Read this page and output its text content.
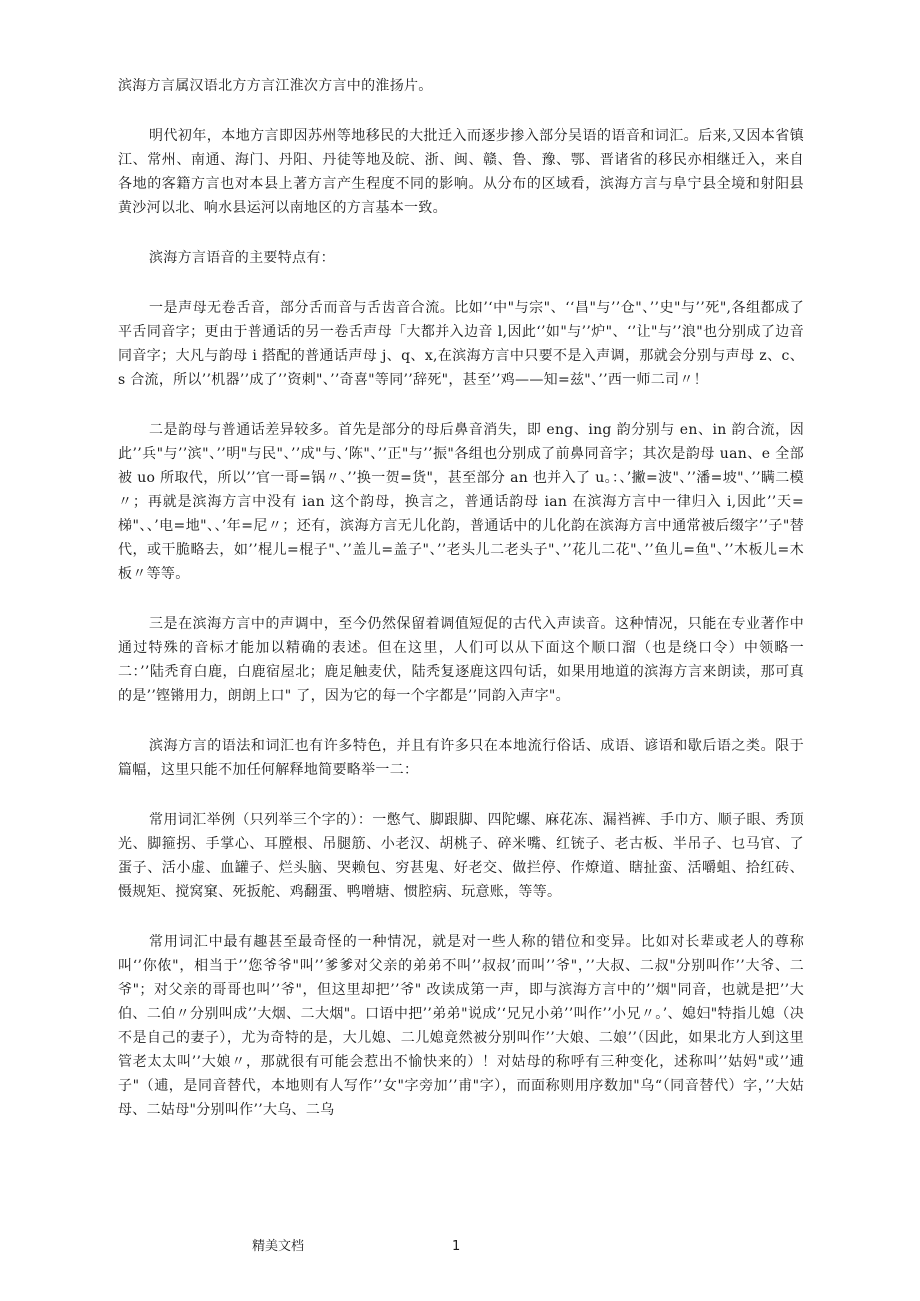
滨海方言属汉语北方方言江淮次方言中的淮扬片。

明代初年，本地方言即因苏州等地移民的大批迁入而逐步掺入部分吴语的语音和词汇。后来,又因本省镇江、常州、南通、海门、丹阳、丹徒等地及皖、浙、闽、赣、鲁、豫、鄂、晋诸省的移民亦相继迁入，来自各地的客籍方言也对本县上著方言产生程度不同的影响。从分布的区域看，滨海方言与阜宁县全境和射阳县黄沙河以北、响水县运河以南地区的方言基本一致。

滨海方言语音的主要特点有：

一是声母无卷舌音，部分舌而音与舌齿音合流。比如’‘中"与宗"、‘‘昌"与’’仓"、’’史"与’’死",各组都成了平舌同音字；更由于普通话的另一卷舌声母「大都并入边音 l,因此‘’如"与’’炉"、‘’让"与’’浪"也分别成了边音同音字；大凡与韵母 i 搭配的普通话声母 j、q、x,在滨海方言中只要不是入声调，那就会分别与声母 z、c、s 合流，所以’’机器’’成了’’资刺"、’’奇喜"等同’’辞死"，甚至’’鸡——知=兹"、’’西一师二司〃！

二是韵母与普通话差异较多。首先是部分的母后鼻音消失，即 eng、ing 韵分别与 en、in 韵合流，因此’’兵"与’’滨"、’’明"与民"、’’成"与、’陈"、’’正"与’’振"各组也分别成了前鼻同音字；其次是韵母 uan、e 全部被 uo 所取代，所以’’官一哥=锅〃、’’换一贺=货"，甚至部分 an 也并入了 u。：、’撇=波"、’’潘=坡"、’’瞒二模〃；再就是滨海方言中没有 ian 这个韵母，换言之，普通话韵母 ian 在滨海方言中一律归入 i,因此’’天=梯"、、’电=地"、、’年=尼〃；还有，滨海方言无儿化韵，普通话中的儿化韵在滨海方言中通常被后缀字’’子"替代，或干脆略去，如’’棍儿=棍子"、’’盖儿=盖子"、’’老头儿二老头子"、’’花儿二花"、’’鱼儿=鱼"、’’木板儿=木板〃等等。

三是在滨海方言中的声调中，至今仍然保留着调值短促的古代入声读音。这种情况，只能在专业著作中通过特殊的音标才能加以精确的表述。但在这里，人们可以从下面这个顺口溜（也是绕口令）中领略一二：’’陆秃育白鹿，白鹿宿屋北；鹿足触麦伏，陆秃复逐鹿这四句话，如果用地道的滨海方言来朗读，那可真的是’’铿锵用力，朗朗上口" 了，因为它的每一个字都是’’同韵入声字"。

滨海方言的语法和词汇也有许多特色，并且有许多只在本地流行俗话、成语、谚语和歇后语之类。限于篇幅，这里只能不加任何解释地简要略举一二：

常用词汇举例（只列举三个字的）：一憋气、脚跟脚、四陀螺、麻花冻、漏裆裤、手巾方、顺子眼、秀顶光、脚箍拐、手掌心、耳膛根、吊腿筋、小老汉、胡桃子、碎米嘴、红铳子、老古板、半吊子、乜马官、了蛋子、活小虚、血罐子、烂头脑、哭赖包、穷甚鬼、好老交、做拦停、作燎道、瞎扯蛮、活嚼蛆、拾红砖、慑规矩、搅窝窠、死扳舵、鸡翻蛋、鸭噌塘、惯腔病、玩意账，等等。

常用词汇中最有趣甚至最奇怪的一种情况，就是对一些人称的错位和变异。比如对长辈或老人的尊称叫‘’你侬"，相当于’’您爷爷"叫’’爹爹对父亲的弟弟不叫’’叔叔’而叫’’爷"，’’大叔、二叔"分别叫作’’大爷、二爷"；对父亲的哥哥也叫’’爷"，但这里却把’’爷" 改读成第一声，即与滨海方言中的’’烟"同音，也就是把’’大伯、二伯〃分别叫成’’大烟、二大烟"。口语中把’’弟弟"说成’‘兄兄小弟’’叫作’’小兄〃。’、媳妇"特指儿媳（决不是自己的妻子），尤为奇特的是，大儿媳、二儿媳竟然被分别叫作’’大娘、二娘’’（因此，如果北方人到这里管老太太叫’’大娘〃，那就很有可能会惹出不愉快来的）！对姑母的称呼有三种变化，述称叫’’姑妈"或’’逋子"（逋，是同音替代，本地则有人写作’’女"字旁加’’甫"字），而面称则用序数加"乌“（同音替代）字，’’大姑母、二姑母"分别叫作’’大乌、二乌

精美文档	1
